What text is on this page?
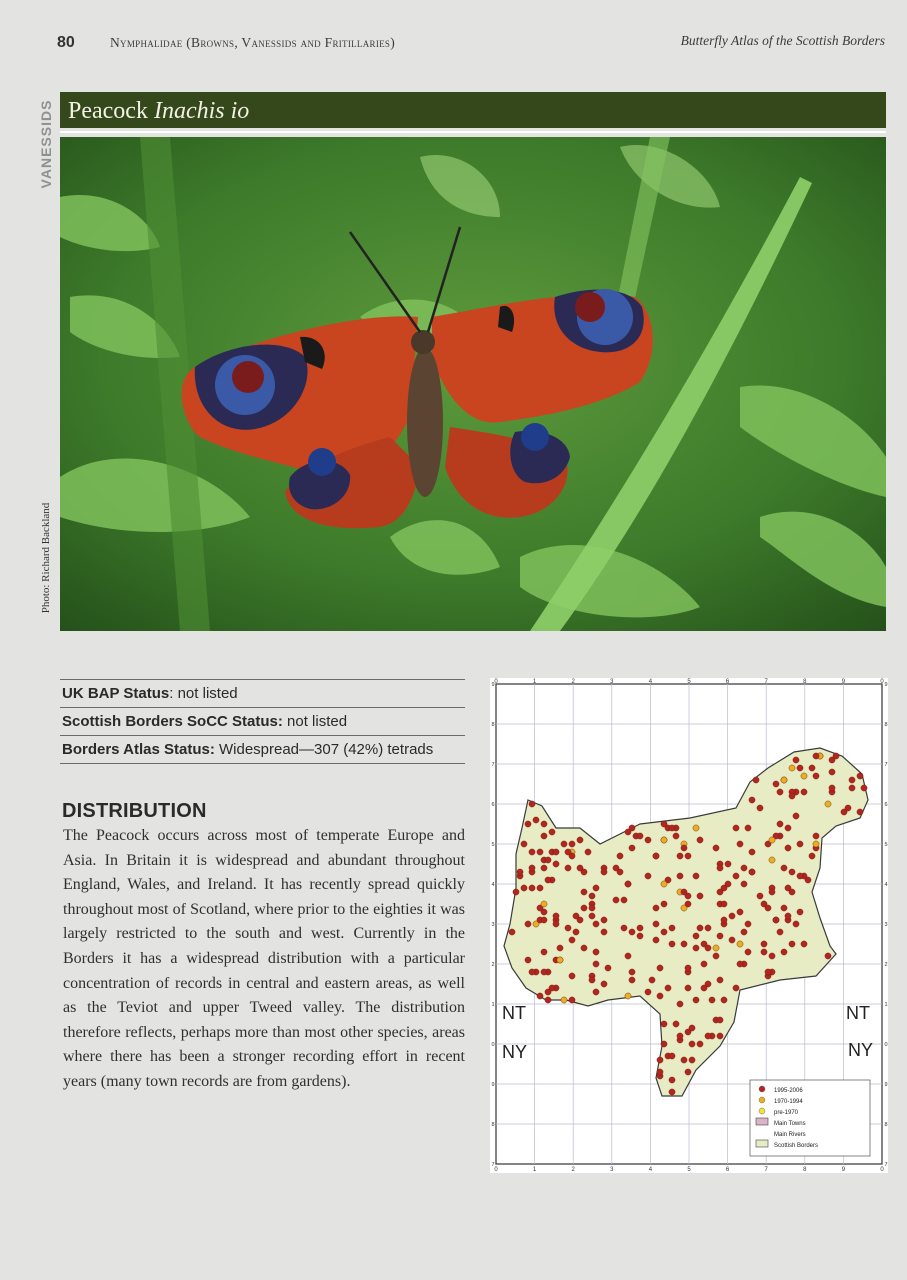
80	Nymphalidae (Browns, Vanessids and Fritillaries)	Butterfly Atlas of the Scottish Borders
VANESSIDS Peacock Inachis io
Photo: Richard Backland
UK BAP Status: not listed
Scottish Borders SoCC Status: not listed
Borders Atlas Status: Widespread—307 (42%) tetrads
DISTRIBUTION
The Peacock occurs across most of temperate Europe and Asia. In Britain it is widespread and abundant throughout England, Wales, and Ireland. It has recently spread quickly throughout most of Scotland, where prior to the eighties it was largely restricted to the south and west. Currently in the Borders it has a widespread distribution with a particular concentration of records in central and eastern areas, as well as the Teviot and upper Tweed valley. The distribution therefore reflects, perhaps more than most other species, areas where there has been a stronger recording effort in recent years (many town records are from gardens).
0	1	2	3	4	5	6	7	8	9	0
0	1	2	3	4	5	6	7	8	9	0
9
8
7
6
5
4
3
2
1
0
9
8
7
9
8
7
6
5
4
3
2
1
0
9
8
7
NT
NY
NT
NY
1995-2006
1970-1994
pre-1970
Main Towns
Main Rivers
Scottish Borders
